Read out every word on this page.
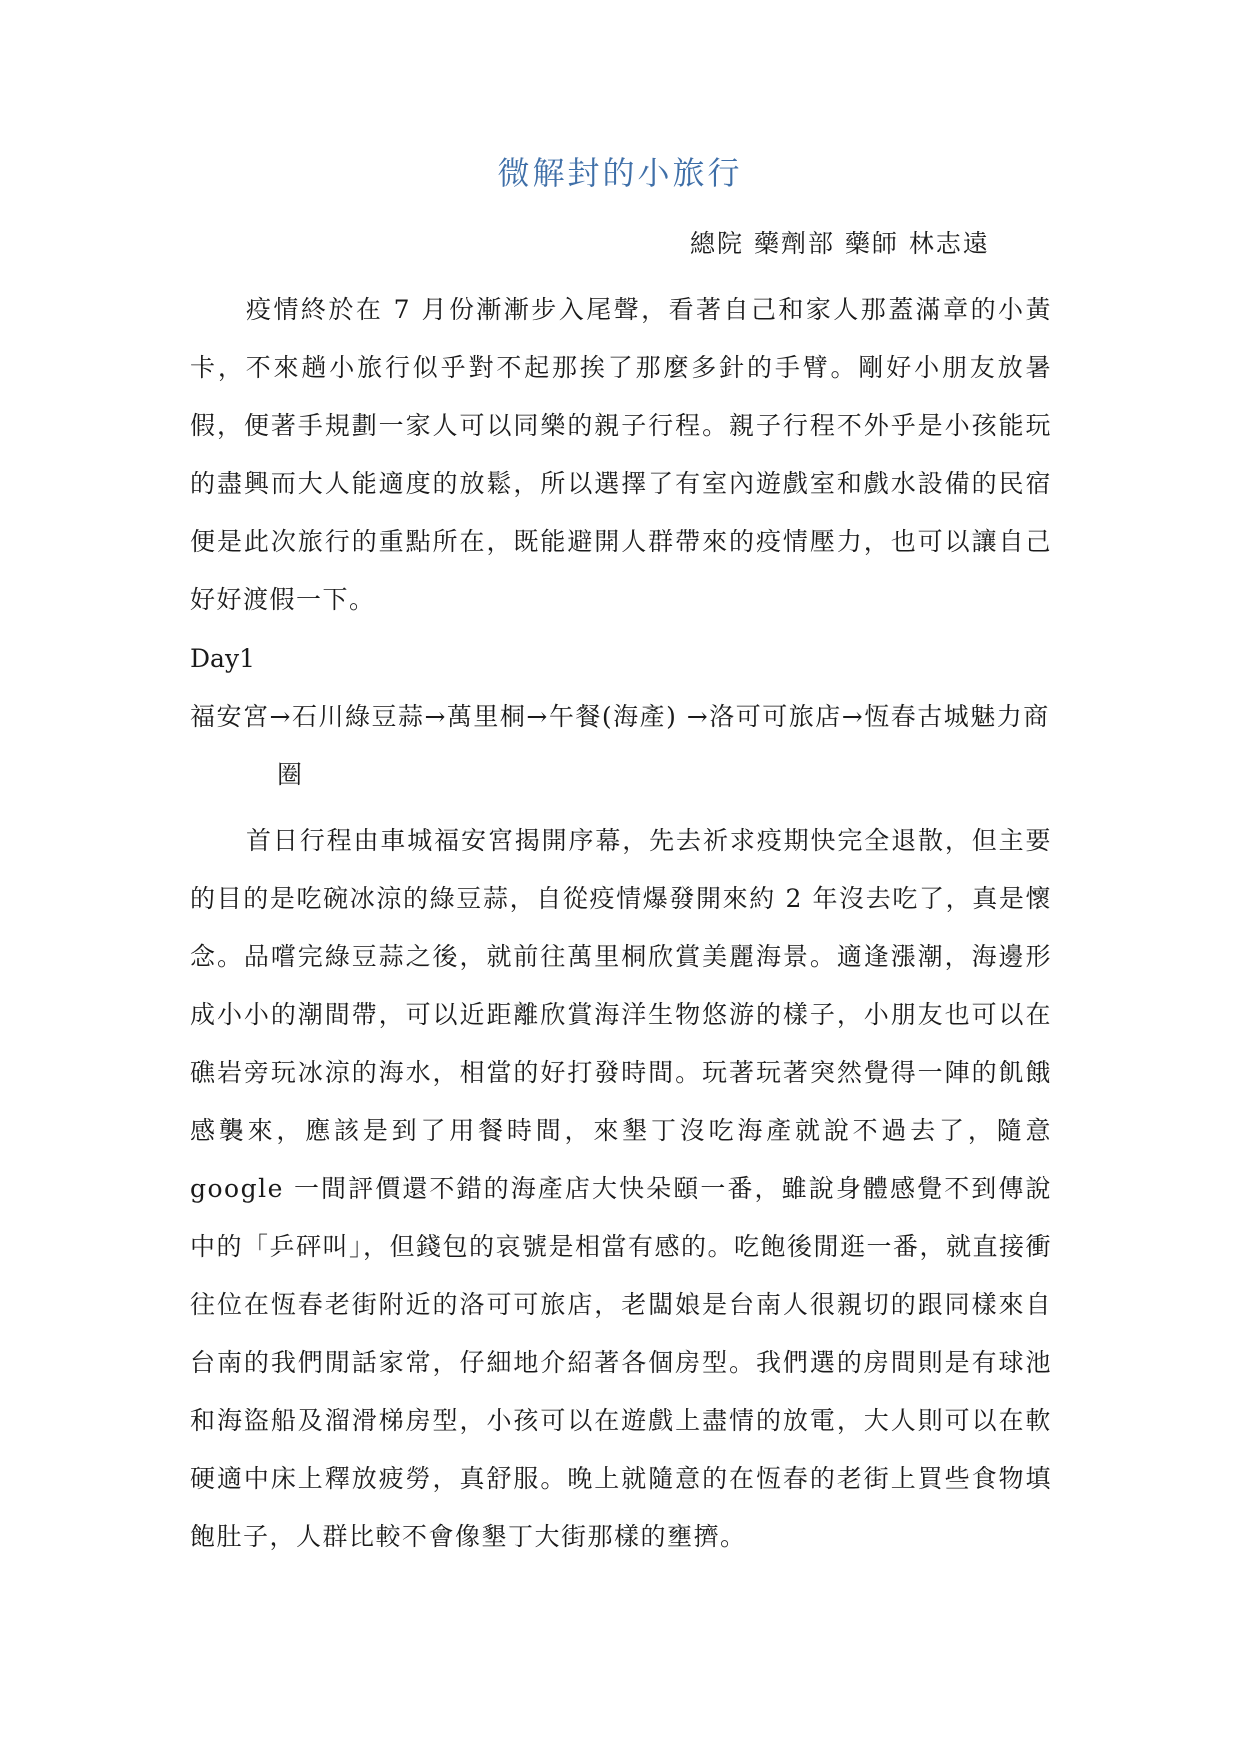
微解封的小旅行
總院 藥劑部 藥師 林志遠

疫情終於在 7 月份漸漸步入尾聲，看著自己和家人那蓋滿章的小黃卡，不來趟小旅行似乎對不起那挨了那麼多針的手臂。剛好小朋友放暑假，便著手規劃一家人可以同樂的親子行程。親子行程不外乎是小孩能玩的盡興而大人能適度的放鬆，所以選擇了有室內遊戲室和戲水設備的民宿便是此次旅行的重點所在，既能避開人群帶來的疫情壓力，也可以讓自己好好渡假一下。

Day1

福安宮→石川綠豆蒜→萬里桐→午餐(海產) →洛可可旅店→恆春古城魅力商圈

首日行程由車城福安宮揭開序幕，先去祈求疫期快完全退散，但主要的目的是吃碗冰涼的綠豆蒜，自從疫情爆發開來約 2 年沒去吃了，真是懷念。品嚐完綠豆蒜之後，就前往萬里桐欣賞美麗海景。適逢漲潮，海邊形成小小的潮間帶，可以近距離欣賞海洋生物悠游的樣子，小朋友也可以在礁岩旁玩冰涼的海水，相當的好打發時間。玩著玩著突然覺得一陣的飢餓感襲來，應該是到了用餐時間，來墾丁沒吃海產就說不過去了，隨意 google 一間評價還不錯的海產店大快朵頤一番，雖說身體感覺不到傳說中的「乒砰叫」，但錢包的哀號是相當有感的。吃飽後閒逛一番，就直接衝往位在恆春老街附近的洛可可旅店，老闆娘是台南人很親切的跟同樣來自台南的我們閒話家常，仔細地介紹著各個房型。我們選的房間則是有球池和海盜船及溜滑梯房型，小孩可以在遊戲上盡情的放電，大人則可以在軟硬適中床上釋放疲勞，真舒服。晚上就隨意的在恆春的老街上買些食物填飽肚子，人群比較不會像墾丁大街那樣的壅擠。
